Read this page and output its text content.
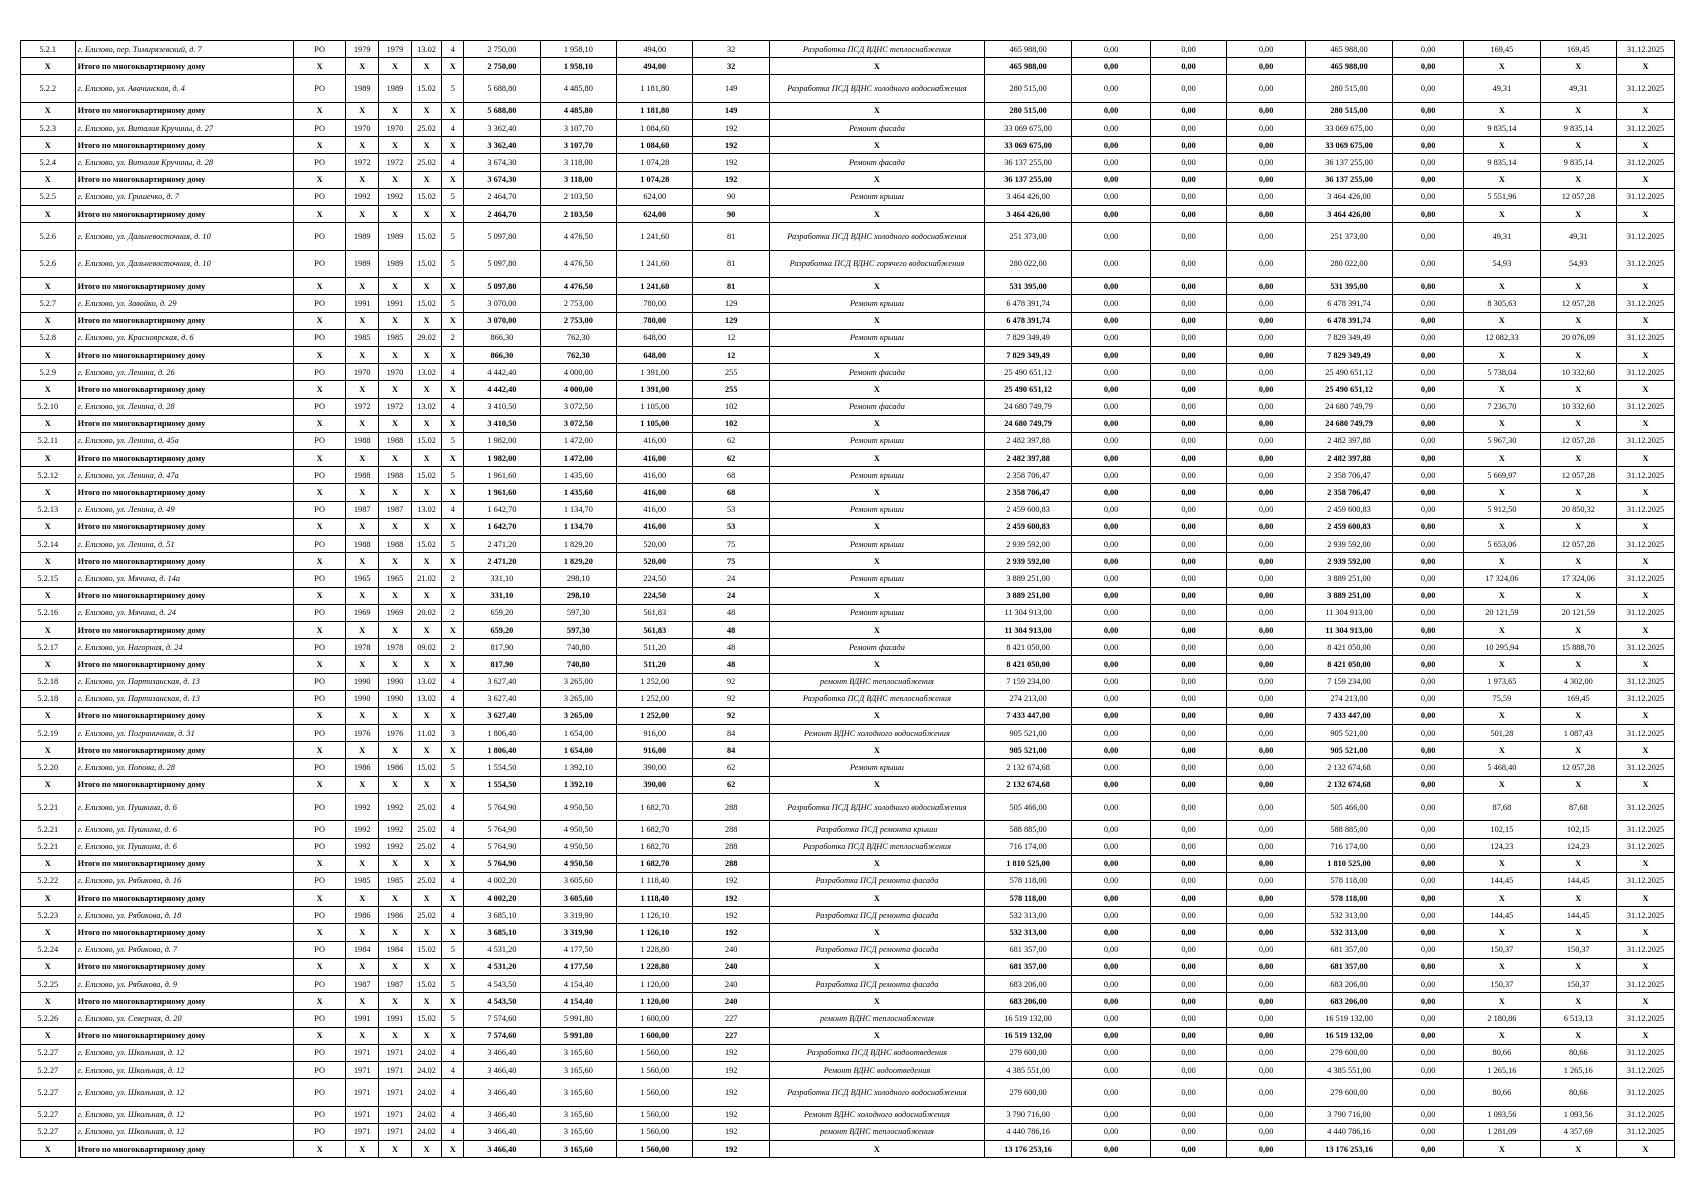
5.2.1	г. Елизово, пер. Тимирязевский, д. 7	РО	1979	1979	13.02	4	2 750,00	1 958,10	494,00	32	Разработка ПСД ВДНС теплоснабжения	465 988,00	0,00	0,00	0,00	465 988,00	0,00	169,45	169,45	31.12.2025
Х	Итого по многоквартирному дому	Х	Х	Х	Х	Х	2 750,00	1 958,10	494,00	32	Х	465 988,00	0,00	0,00	0,00	465 988,00	0,00	Х	Х	Х
5.2.2	г. Елизово, ул. Авачинская, д. 4	РО	1989	1989	15.02	5	5 688,80	4 485,80	1 181,80	149	Разработка ПСД ВДНС холодного водоснабжения	280 515,00	0,00	0,00	0,00	280 515,00	0,00	49,31	49,31	31.12.2025
Х	Итого по многоквартирному дому	Х	Х	Х	Х	Х	5 688,80	4 485,80	1 181,80	149	Х	280 515,00	0,00	0,00	0,00	280 515,00	0,00	Х	Х	Х
5.2.3	г. Елизово, ул. Виталия Кручины, д. 27	РО	1970	1970	25.02	4	3 362,40	3 107,70	1 084,60	192	Ремонт фасада	33 069 675,00	0,00	0,00	0,00	33 069 675,00	0,00	9 835,14	9 835,14	31.12.2025
Х	Итого по многоквартирному дому	Х	Х	Х	Х	Х	3 362,40	3 107,70	1 084,60	192	Х	33 069 675,00	0,00	0,00	0,00	33 069 675,00	0,00	Х	Х	Х
5.2.4	г. Елизово, ул. Виталия Кручины, д. 28	РО	1972	1972	25.02	4	3 674,30	3 118,00	1 074,28	192	Ремонт фасада	36 137 255,00	0,00	0,00	0,00	36 137 255,00	0,00	9 835,14	9 835,14	31.12.2025
Х	Итого по многоквартирному дому	Х	Х	Х	Х	Х	3 674,30	3 118,00	1 074,28	192	Х	36 137 255,00	0,00	0,00	0,00	36 137 255,00	0,00	Х	Х	Х
5.2.5	г. Елизово, ул. Гришечко, д. 7	РО	1992	1992	15.02	5	2 464,70	2 103,50	624,00	90	Ремонт крыши	3 464 426,00	0,00	0,00	0,00	3 464 426,00	0,00	5 551,96	12 057,28	31.12.2025
Х	Итого по многоквартирному дому	Х	Х	Х	Х	Х	2 464,70	2 103,50	624,00	90	Х	3 464 426,00	0,00	0,00	0,00	3 464 426,00	0,00	Х	Х	Х
5.2.6	г. Елизово, ул. Дальневосточная, д. 10	РО	1989	1989	15.02	5	5 097,80	4 476,50	1 241,60	81	Разработка ПСД ВДНС холодного водоснабжения	251 373,00	0,00	0,00	0,00	251 373,00	0,00	49,31	49,31	31.12.2025
5.2.6	г. Елизово, ул. Дальневосточная, д. 10	РО	1989	1989	15.02	5	5 097,80	4 476,50	1 241,60	81	Разработка ПСД ВДНС горячего водоснабжения	280 022,00	0,00	0,00	0,00	280 022,00	0,00	54,93	54,93	31.12.2025
Х	Итого по многоквартирному дому	Х	Х	Х	Х	Х	5 097,80	4 476,50	1 241,60	81	Х	531 395,00	0,00	0,00	0,00	531 395,00	0,00	Х	Х	Х
5.2.7	г. Елизово, ул. Завойко, д. 29	РО	1991	1991	15.02	5	3 070,00	2 753,00	780,00	129	Ремонт крыши	6 478 391,74	0,00	0,00	0,00	6 478 391,74	0,00	8 305,63	12 057,28	31.12.2025
Х	Итого по многоквартирному дому	Х	Х	Х	Х	Х	3 070,00	2 753,00	780,00	129	Х	6 478 391,74	0,00	0,00	0,00	6 478 391,74	0,00	Х	Х	Х
5.2.8	г. Елизово, ул. Красноярская, д. 6	РО	1985	1985	29.02	2	866,30	762,30	648,00	12	Ремонт крыши	7 829 349,49	0,00	0,00	0,00	7 829 349,49	0,00	12 082,33	20 076,09	31.12.2025
Х	Итого по многоквартирному дому	Х	Х	Х	Х	Х	866,30	762,30	648,00	12	Х	7 829 349,49	0,00	0,00	0,00	7 829 349,49	0,00	Х	Х	Х
5.2.9	г. Елизово, ул. Ленина, д. 26	РО	1970	1970	13.02	4	4 442,40	4 000,00	1 391,00	255	Ремонт фасада	25 490 651,12	0,00	0,00	0,00	25 490 651,12	0,00	5 738,04	10 332,60	31.12.2025
Х	Итого по многоквартирному дому	Х	Х	Х	Х	Х	4 442,40	4 000,00	1 391,00	255	Х	25 490 651,12	0,00	0,00	0,00	25 490 651,12	0,00	Х	Х	Х
5.2.10	г. Елизово, ул. Ленина, д. 28	РО	1972	1972	13.02	4	3 410,50	3 072,50	1 105,00	102	Ремонт фасада	24 680 749,79	0,00	0,00	0,00	24 680 749,79	0,00	7 236,70	10 332,60	31.12.2025
Х	Итого по многоквартирному дому	Х	Х	Х	Х	Х	3 410,50	3 072,50	1 105,00	102	Х	24 680 749,79	0,00	0,00	0,00	24 680 749,79	0,00	Х	Х	Х
5.2.11	г. Елизово, ул. Ленина, д. 45а	РО	1988	1988	15.02	5	1 982,00	1 472,00	416,00	62	Ремонт крыши	2 482 397,88	0,00	0,00	0,00	2 482 397,88	0,00	5 967,30	12 057,28	31.12.2025
Х	Итого по многоквартирному дому	Х	Х	Х	Х	Х	1 982,00	1 472,00	416,00	62	Х	2 482 397,88	0,00	0,00	0,00	2 482 397,88	0,00	Х	Х	Х
5.2.12	г. Елизово, ул. Ленина, д. 47а	РО	1988	1988	15.02	5	1 961,60	1 435,60	416,00	68	Ремонт крыши	2 358 706,47	0,00	0,00	0,00	2 358 706,47	0,00	5 669,97	12 057,28	31.12.2025
Х	Итого по многоквартирному дому	Х	Х	Х	Х	Х	1 961,60	1 435,60	416,00	68	Х	2 358 706,47	0,00	0,00	0,00	2 358 706,47	0,00	Х	Х	Х
5.2.13	г. Елизово, ул. Ленина, д. 49	РО	1987	1987	13.02	4	1 642,70	1 134,70	416,00	53	Ремонт крыши	2 459 600,83	0,00	0,00	0,00	2 459 600,83	0,00	5 912,50	20 850,32	31.12.2025
Х	Итого по многоквартирному дому	Х	Х	Х	Х	Х	1 642,70	1 134,70	416,00	53	Х	2 459 600,83	0,00	0,00	0,00	2 459 600,83	0,00	Х	Х	Х
5.2.14	г. Елизово, ул. Ленина, д. 51	РО	1988	1988	15.02	5	2 471,20	1 829,20	520,00	75	Ремонт крыши	2 939 592,00	0,00	0,00	0,00	2 939 592,00	0,00	5 653,06	12 057,28	31.12.2025
Х	Итого по многоквартирному дому	Х	Х	Х	Х	Х	2 471,20	1 829,20	520,00	75	Х	2 939 592,00	0,00	0,00	0,00	2 939 592,00	0,00	Х	Х	Х
5.2.15	г. Елизово, ул. Мячина, д. 14а	РО	1965	1965	21.02	2	331,10	298,10	224,50	24	Ремонт крыши	3 889 251,00	0,00	0,00	0,00	3 889 251,00	0,00	17 324,06	17 324,06	31.12.2025
Х	Итого по многоквартирному дому	Х	Х	Х	Х	Х	331,10	298,10	224,50	24	Х	3 889 251,00	0,00	0,00	0,00	3 889 251,00	0,00	Х	Х	Х
5.2.16	г. Елизово, ул. Мячина, д. 24	РО	1969	1969	20.02	2	659,20	597,30	561,83	48	Ремонт крыши	11 304 913,00	0,00	0,00	0,00	11 304 913,00	0,00	20 121,59	20 121,59	31.12.2025
Х	Итого по многоквартирному дому	Х	Х	Х	Х	Х	659,20	597,30	561,83	48	Х	11 304 913,00	0,00	0,00	0,00	11 304 913,00	0,00	Х	Х	Х
5.2.17	г. Елизово, ул. Нагорная, д. 24	РО	1978	1978	09.02	2	817,90	740,80	511,20	48	Ремонт фасада	8 421 050,00	0,00	0,00	0,00	8 421 050,00	0,00	10 295,94	15 888,70	31.12.2025
Х	Итого по многоквартирному дому	Х	Х	Х	Х	Х	817,90	740,80	511,20	48	Х	8 421 050,00	0,00	0,00	0,00	8 421 050,00	0,00	Х	Х	Х
5.2.18	г. Елизово, ул. Партизанская, д. 13	РО	1990	1990	13.02	4	3 627,40	3 265,00	1 252,00	92	ремонт ВДНС теплоснабжения	7 159 234,00	0,00	0,00	0,00	7 159 234,00	0,00	1 973,65	4 302,00	31.12.2025
5.2.18	г. Елизово, ул. Партизанская, д. 13	РО	1990	1990	13.02	4	3 627,40	3 265,00	1 252,00	92	Разработка ПСД ВДНС теплоснабжения	274 213,00	0,00	0,00	0,00	274 213,00	0,00	75,59	169,45	31.12.2025
Х	Итого по многоквартирному дому	Х	Х	Х	Х	Х	3 627,40	3 265,00	1 252,00	92	Х	7 433 447,00	0,00	0,00	0,00	7 433 447,00	0,00	Х	Х	Х
5.2.19	г. Елизово, ул. Пограничная, д. 31	РО	1976	1976	11.02	3	1 806,40	1 654,00	916,00	84	Ремонт ВДНС холодного водоснабжения	905 521,00	0,00	0,00	0,00	905 521,00	0,00	501,28	1 087,43	31.12.2025
Х	Итого по многоквартирному дому	Х	Х	Х	Х	Х	1 806,40	1 654,00	916,00	84	Х	905 521,00	0,00	0,00	0,00	905 521,00	0,00	Х	Х	Х
5.2.20	г. Елизово, ул. Попова, д. 28	РО	1986	1986	15.02	5	1 554,50	1 392,10	390,00	62	Ремонт крыши	2 132 674,68	0,00	0,00	0,00	2 132 674,68	0,00	5 468,40	12 057,28	31.12.2025
Х	Итого по многоквартирному дому	Х	Х	Х	Х	Х	1 554,50	1 392,10	390,00	62	Х	2 132 674,68	0,00	0,00	0,00	2 132 674,68	0,00	Х	Х	Х
5.2.21	г. Елизово, ул. Пушкина, д. 6	РО	1992	1992	25.02	4	5 764,90	4 950,50	1 682,70	288	Разработка ПСД ВДНС холодного водоснабжения	505 466,00	0,00	0,00	0,00	505 466,00	0,00	87,68	87,68	31.12.2025
5.2.21	г. Елизово, ул. Пушкина, д. 6	РО	1992	1992	25.02	4	5 764,90	4 950,50	1 682,70	288	Разработка ПСД ремонта крыши	588 885,00	0,00	0,00	0,00	588 885,00	0,00	102,15	102,15	31.12.2025
5.2.21	г. Елизово, ул. Пушкина, д. 6	РО	1992	1992	25.02	4	5 764,90	4 950,50	1 682,70	288	Разработка ПСД ВДНС теплоснабжения	716 174,00	0,00	0,00	0,00	716 174,00	0,00	124,23	124,23	31.12.2025
Х	Итого по многоквартирному дому	Х	Х	Х	Х	Х	5 764,90	4 950,50	1 682,70	288	Х	1 810 525,00	0,00	0,00	0,00	1 810 525,00	0,00	Х	Х	Х
5.2.22	г. Елизово, ул. Рябикова, д. 16	РО	1985	1985	25.02	4	4 002,20	3 605,60	1 118,40	192	Разработка ПСД ремонта фасада	578 118,00	0,00	0,00	0,00	578 118,00	0,00	144,45	144,45	31.12.2025
Х	Итого по многоквартирному дому	Х	Х	Х	Х	Х	4 002,20	3 605,60	1 118,40	192	Х	578 118,00	0,00	0,00	0,00	578 118,00	0,00	Х	Х	Х
5.2.23	г. Елизово, ул. Рябикова, д. 18	РО	1986	1986	25.02	4	3 685,10	3 319,90	1 126,10	192	Разработка ПСД ремонта фасада	532 313,00	0,00	0,00	0,00	532 313,00	0,00	144,45	144,45	31.12.2025
Х	Итого по многоквартирному дому	Х	Х	Х	Х	Х	3 685,10	3 319,90	1 126,10	192	Х	532 313,00	0,00	0,00	0,00	532 313,00	0,00	Х	Х	Х
5.2.24	г. Елизово, ул. Рябикова, д. 7	РО	1984	1984	15.02	5	4 531,20	4 177,50	1 228,80	240	Разработка ПСД ремонта фасада	681 357,00	0,00	0,00	0,00	681 357,00	0,00	150,37	150,37	31.12.2025
Х	Итого по многоквартирному дому	Х	Х	Х	Х	Х	4 531,20	4 177,50	1 228,80	240	Х	681 357,00	0,00	0,00	0,00	681 357,00	0,00	Х	Х	Х
5.2.25	г. Елизово, ул. Рябикова, д. 9	РО	1987	1987	15.02	5	4 543,50	4 154,40	1 120,00	240	Разработка ПСД ремонта фасада	683 206,00	0,00	0,00	0,00	683 206,00	0,00	150,37	150,37	31.12.2025
Х	Итого по многоквартирному дому	Х	Х	Х	Х	Х	4 543,50	4 154,40	1 120,00	240	Х	683 206,00	0,00	0,00	0,00	683 206,00	0,00	Х	Х	Х
5.2.26	г. Елизово, ул. Северная, д. 20	РО	1991	1991	15.02	5	7 574,60	5 991,80	1 600,00	227	ремонт ВДНС теплоснабжения	16 519 132,00	0,00	0,00	0,00	16 519 132,00	0,00	2 180,86	6 513,13	31.12.2025
Х	Итого по многоквартирному дому	Х	Х	Х	Х	Х	7 574,60	5 991,80	1 600,00	227	Х	16 519 132,00	0,00	0,00	0,00	16 519 132,00	0,00	Х	Х	Х
5.2.27	г. Елизово, ул. Школьная, д. 12	РО	1971	1971	24.02	4	3 466,40	3 165,60	1 560,00	192	Разработка ПСД ВДНС водоотведения	279 600,00	0,00	0,00	0,00	279 600,00	0,00	80,66	80,66	31.12.2025
5.2.27	г. Елизово, ул. Школьная, д. 12	РО	1971	1971	24.02	4	3 466,40	3 165,60	1 560,00	192	Ремонт ВДНС водоотведения	4 385 551,00	0,00	0,00	0,00	4 385 551,00	0,00	1 265,16	1 265,16	31.12.2025
5.2.27	г. Елизово, ул. Школьная, д. 12	РО	1971	1971	24.02	4	3 466,40	3 165,60	1 560,00	192	Разработка ПСД ВДНС холодного водоснабжения	279 600,00	0,00	0,00	0,00	279 600,00	0,00	80,66	80,66	31.12.2025
5.2.27	г. Елизово, ул. Школьная, д. 12	РО	1971	1971	24.02	4	3 466,40	3 165,60	1 560,00	192	Ремонт ВДНС холодного водоснабжения	3 790 716,00	0,00	0,00	0,00	3 790 716,00	0,00	1 093,56	1 093,56	31.12.2025
5.2.27	г. Елизово, ул. Школьная, д. 12	РО	1971	1971	24.02	4	3 466,40	3 165,60	1 560,00	192	ремонт ВДНС теплоснабжения	4 440 786,16	0,00	0,00	0,00	4 440 786,16	0,00	1 281,09	4 357,69	31.12.2025
Х	Итого по многоквартирному дому	Х	Х	Х	Х	Х	3 466,40	3 165,60	1 560,00	192	Х	13 176 253,16	0,00	0,00	0,00	13 176 253,16	0,00	Х	Х	Х
